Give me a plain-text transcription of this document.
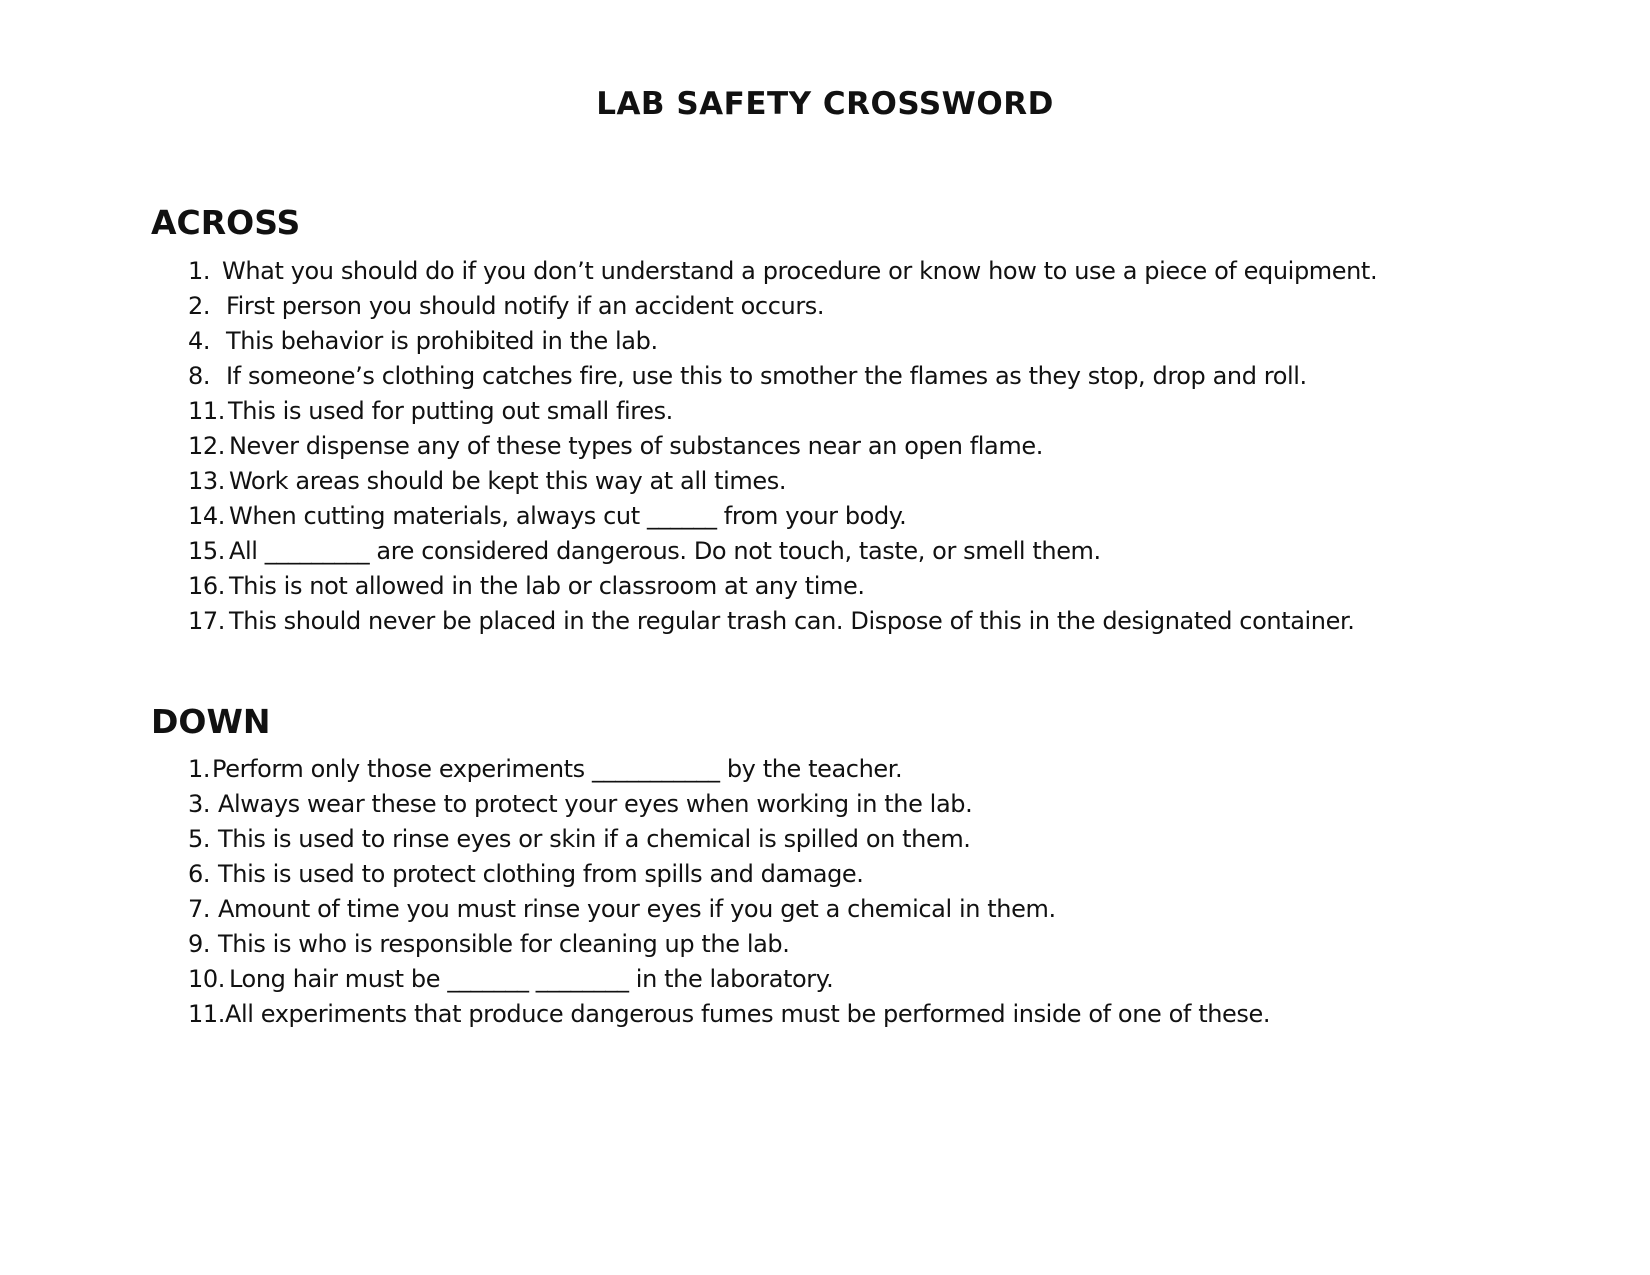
LAB SAFETY CROSSWORD
ACROSS
1. What you should do if you don’t understand a procedure or know how to use a piece of equipment.
2. First person you should notify if an accident occurs.
4. This behavior is prohibited in the lab.
8. If someone’s clothing catches fire, use this to smother the flames as they stop, drop and roll.
11. This is used for putting out small fires.
12. Never dispense any of these types of substances near an open flame.
13. Work areas should be kept this way at all times.
14. When cutting materials, always cut ______ from your body.
15. All _________ are considered dangerous. Do not touch, taste, or smell them.
16. This is not allowed in the lab or classroom at any time.
17. This should never be placed in the regular trash can. Dispose of this in the designated container.
DOWN
1.Perform only those experiments ___________ by the teacher.
3. Always wear these to protect your eyes when working in the lab.
5. This is used to rinse eyes or skin if a chemical is spilled on them.
6. This is used to protect clothing from spills and damage.
7. Amount of time you must rinse your eyes if you get a chemical in them.
9. This is who is responsible for cleaning up the lab.
10. Long hair must be _______ ________ in the laboratory.
11.All experiments that produce dangerous fumes must be performed inside of one of these.
